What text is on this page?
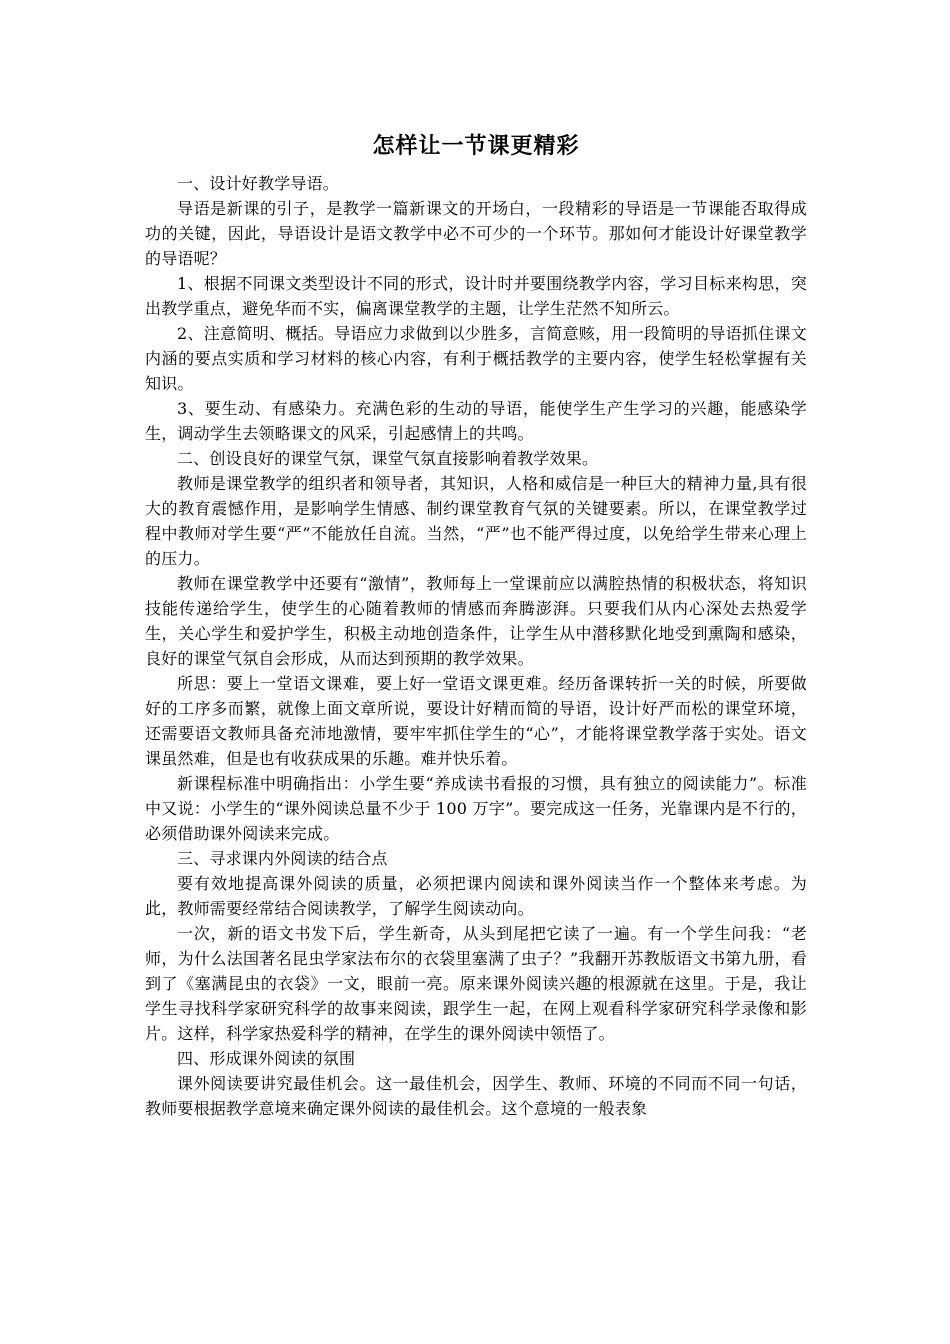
怎样让一节课更精彩

一、设计好教学导语。

导语是新课的引子，是教学一篇新课文的开场白，一段精彩的导语是一节课能否取得成功的关键，因此，导语设计是语文教学中必不可少的一个环节。那如何才能设计好课堂教学的导语呢？

1、根据不同课文类型设计不同的形式，设计时并要围绕教学内容，学习目标来构思，突出教学重点，避免华而不实，偏离课堂教学的主题，让学生茫然不知所云。

2、注意简明、概括。导语应力求做到以少胜多，言简意赅，用一段简明的导语抓住课文内涵的要点实质和学习材料的核心内容，有利于概括教学的主要内容，使学生轻松掌握有关知识。

3、要生动、有感染力。充满色彩的生动的导语，能使学生产生学习的兴趣，能感染学生，调动学生去领略课文的风采，引起感情上的共鸣。

二、创设良好的课堂气氛，课堂气氛直接影响着教学效果。

教师是课堂教学的组织者和领导者，其知识，人格和威信是一种巨大的精神力量,具有很大的教育震憾作用，是影响学生情感、制约课堂教育气氛的关键要素。所以，在课堂教学过程中教师对学生要“严”不能放任自流。当然，“严”也不能严得过度，以免给学生带来心理上的压力。

教师在课堂教学中还要有“激情”，教师每上一堂课前应以满腔热情的积极状态，将知识技能传递给学生，使学生的心随着教师的情感而奔腾澎湃。只要我们从内心深处去热爱学生，关心学生和爱护学生，积极主动地创造条件，让学生从中潜移默化地受到熏陶和感染，良好的课堂气氛自会形成，从而达到预期的教学效果。

所思：要上一堂语文课难，要上好一堂语文课更难。经历备课转折一关的时候，所要做好的工序多而繁，就像上面文章所说，要设计好精而简的导语，设计好严而松的课堂环境，还需要语文教师具备充沛地激情，要牢牢抓住学生的“心”，才能将课堂教学落于实处。语文课虽然难，但是也有收获成果的乐趣。难并快乐着。

新课程标准中明确指出：小学生要“养成读书看报的习惯，具有独立的阅读能力”。标准中又说：小学生的“课外阅读总量不少于 100 万字”。要完成这一任务，光靠课内是不行的，必须借助课外阅读来完成。

三、寻求课内外阅读的结合点

要有效地提高课外阅读的质量，必须把课内阅读和课外阅读当作一个整体来考虑。为此，教师需要经常结合阅读教学，了解学生阅读动向。

一次，新的语文书发下后，学生新奇，从头到尾把它读了一遍。有一个学生问我：“老师，为什么法国著名昆虫学家法布尔的衣袋里塞满了虫子？”我翻开苏教版语文书第九册，看到了《塞满昆虫的衣袋》一文，眼前一亮。原来课外阅读兴趣的根源就在这里。于是，我让学生寻找科学家研究科学的故事来阅读，跟学生一起，在网上观看科学家研究科学录像和影片。这样，科学家热爱科学的精神，在学生的课外阅读中领悟了。

四、形成课外阅读的氛围

课外阅读要讲究最佳机会。这一最佳机会，因学生、教师、环境的不同而不同一句话，教师要根据教学意境来确定课外阅读的最佳机会。这个意境的一般表象
